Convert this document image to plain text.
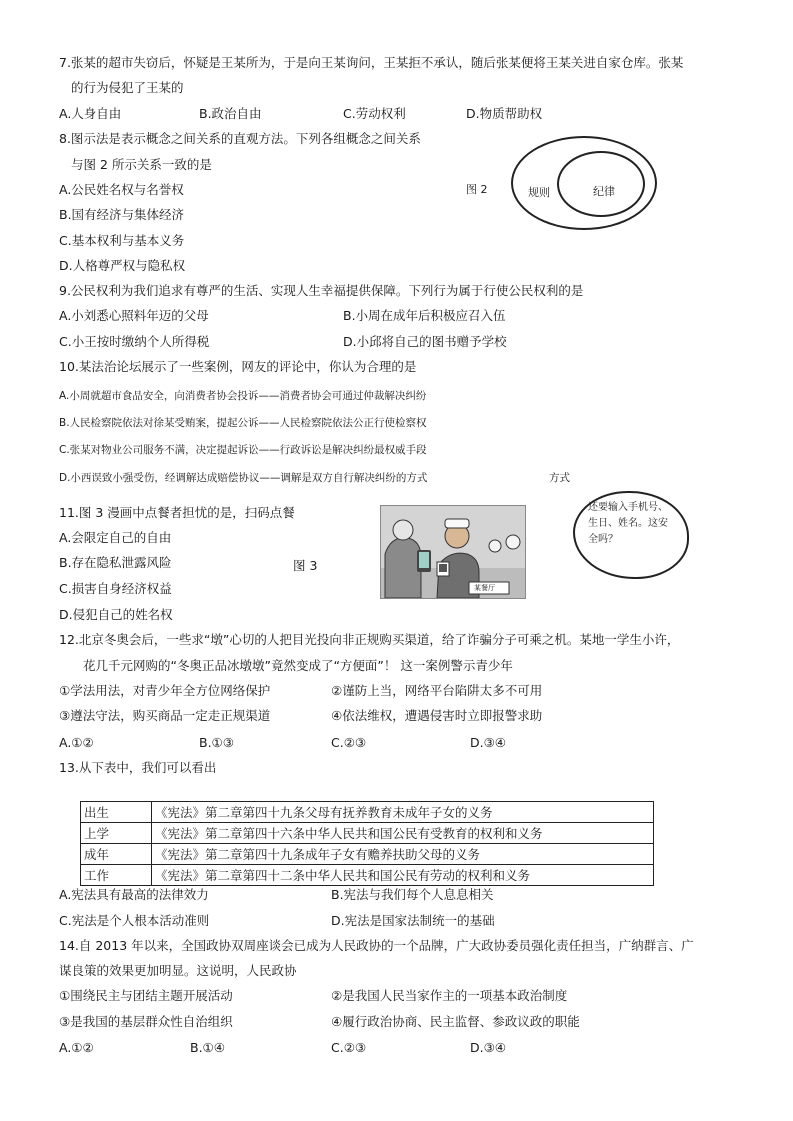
7.张某的超市失窃后，怀疑是王某所为，于是向王某询问，王某拒不承认，随后张某便将王某关进自家仓库。张某
的行为侵犯了王某的
A.人身自由	B.政治自由	C.劳动权利	D.物质帮助权
8.图示法是表示概念之间关系的直观方法。下列各组概念之间关系
与图 2 所示关系一致的是
A.公民姓名权与名誉权
B.国有经济与集体经济
C.基本权利与基本义务
D.人格尊严权与隐私权
图 2	规则	纪律
9.公民权利为我们追求有尊严的生活、实现人生幸福提供保障。下列行为属于行使公民权利的是
A.小刘悉心照料年迈的父母	B.小周在成年后积极应召入伍
C.小王按时缴纳个人所得税	D.小邱将自己的图书赠予学校
10.某法治论坛展示了一些案例，网友的评论中，你认为合理的是
A.小周就超市食品安全，向消费者协会投诉——消费者协会可通过仲裁解决纠纷
B.人民检察院依法对徐某受贿案，提起公诉——人民检察院依法公正行使检察权
C.张某对物业公司服务不满，决定提起诉讼——行政诉讼是解决纠纷最权威手段
D.小西误致小强受伤，经调解达成赔偿协议——调解是双方自行解决纠纷的方式	方式
11.图 3 漫画中点餐者担忧的是，扫码点餐
A.会限定自己的自由
B.存在隐私泄露风险
C.损害自身经济权益
D.侵犯自己的姓名权
图 3
某餐厅
还要输入手机号、生日、姓名。这安全吗？
12.北京冬奥会后，一些求“墩”心切的人把目光投向非正规购买渠道，给了诈骗分子可乘之机。某地一学生小许，
花几千元网购的“冬奥正品冰墩墩”竟然变成了“方便面”！ 这一案例警示青少年
①学法用法，对青少年全方位网络保护	②谨防上当，网络平台陷阱太多不可用
③遵法守法，购买商品一定走正规渠道	④依法维权，遭遇侵害时立即报警求助
A.①②	B.①③	C.②③	D.③④
13.从下表中，我们可以看出
出生	《宪法》第二章第四十九条父母有抚养教育未成年子女的义务
上学	《宪法》第二章第四十六条中华人民共和国公民有受教育的权利和义务
成年	《宪法》第二章第四十九条成年子女有赡养扶助父母的义务
工作	《宪法》第二章第四十二条中华人民共和国公民有劳动的权利和义务
A.宪法具有最高的法律效力	B.宪法与我们每个人息息相关
C.宪法是个人根本活动准则	D.宪法是国家法制统一的基础
14.自 2013 年以来，全国政协双周座谈会已成为人民政协的一个品牌，广大政协委员强化责任担当，广纳群言、广
谋良策的效果更加明显。这说明，人民政协
①围绕民主与团结主题开展活动	②是我国人民当家作主的一项基本政治制度
③是我国的基层群众性自治组织	④履行政治协商、民主监督、参政议政的职能
A.①②	B.①④	C.②③	D.③④
